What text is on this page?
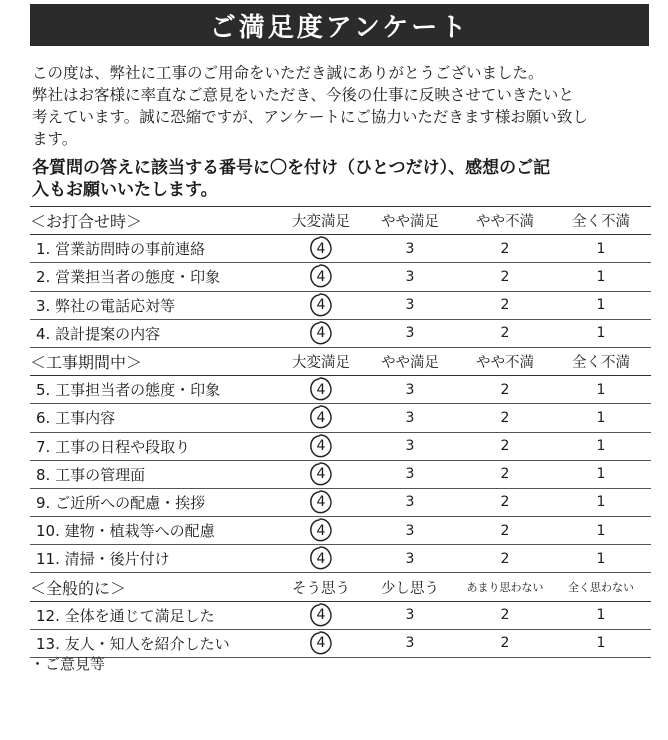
ご満足度アンケート

この度は、弊社に工事のご用命をいただき誠にありがとうございました。

弊社はお客様に率直なご意見をいただき、今後の仕事に反映させていきたいと

考えています。誠に恐縮ですが、アンケートにご協力いただきます様お願い致し

ます。

各質問の答えに該当する番号に〇を付け（ひとつだけ）、感想のご記
入もお願いいたします。
＜お打合せ時＞	大変満足	やや満足	やや不満	全く不満
1. 営業訪問時の事前連絡	4	3	2	1
2. 営業担当者の態度・印象	4	3	2	1
3. 弊社の電話応対等	4	3	2	1
4. 設計提案の内容	4	3	2	1
＜工事期間中＞	大変満足	やや満足	やや不満	全く不満
5. 工事担当者の態度・印象	4	3	2	1
6. 工事内容	4	3	2	1
7. 工事の日程や段取り	4	3	2	1
8. 工事の管理面	4	3	2	1
9. ご近所への配慮・挨拶	4	3	2	1
10. 建物・植栽等への配慮	4	3	2	1
11. 清掃・後片付け	4	3	2	1
＜全般的に＞	そう思う	少し思う	あまり思わない	全く思わない
12. 全体を通じて満足した	4	3	2	1
13. 友人・知人を紹介したい	4	3	2	1
・ご意見等
